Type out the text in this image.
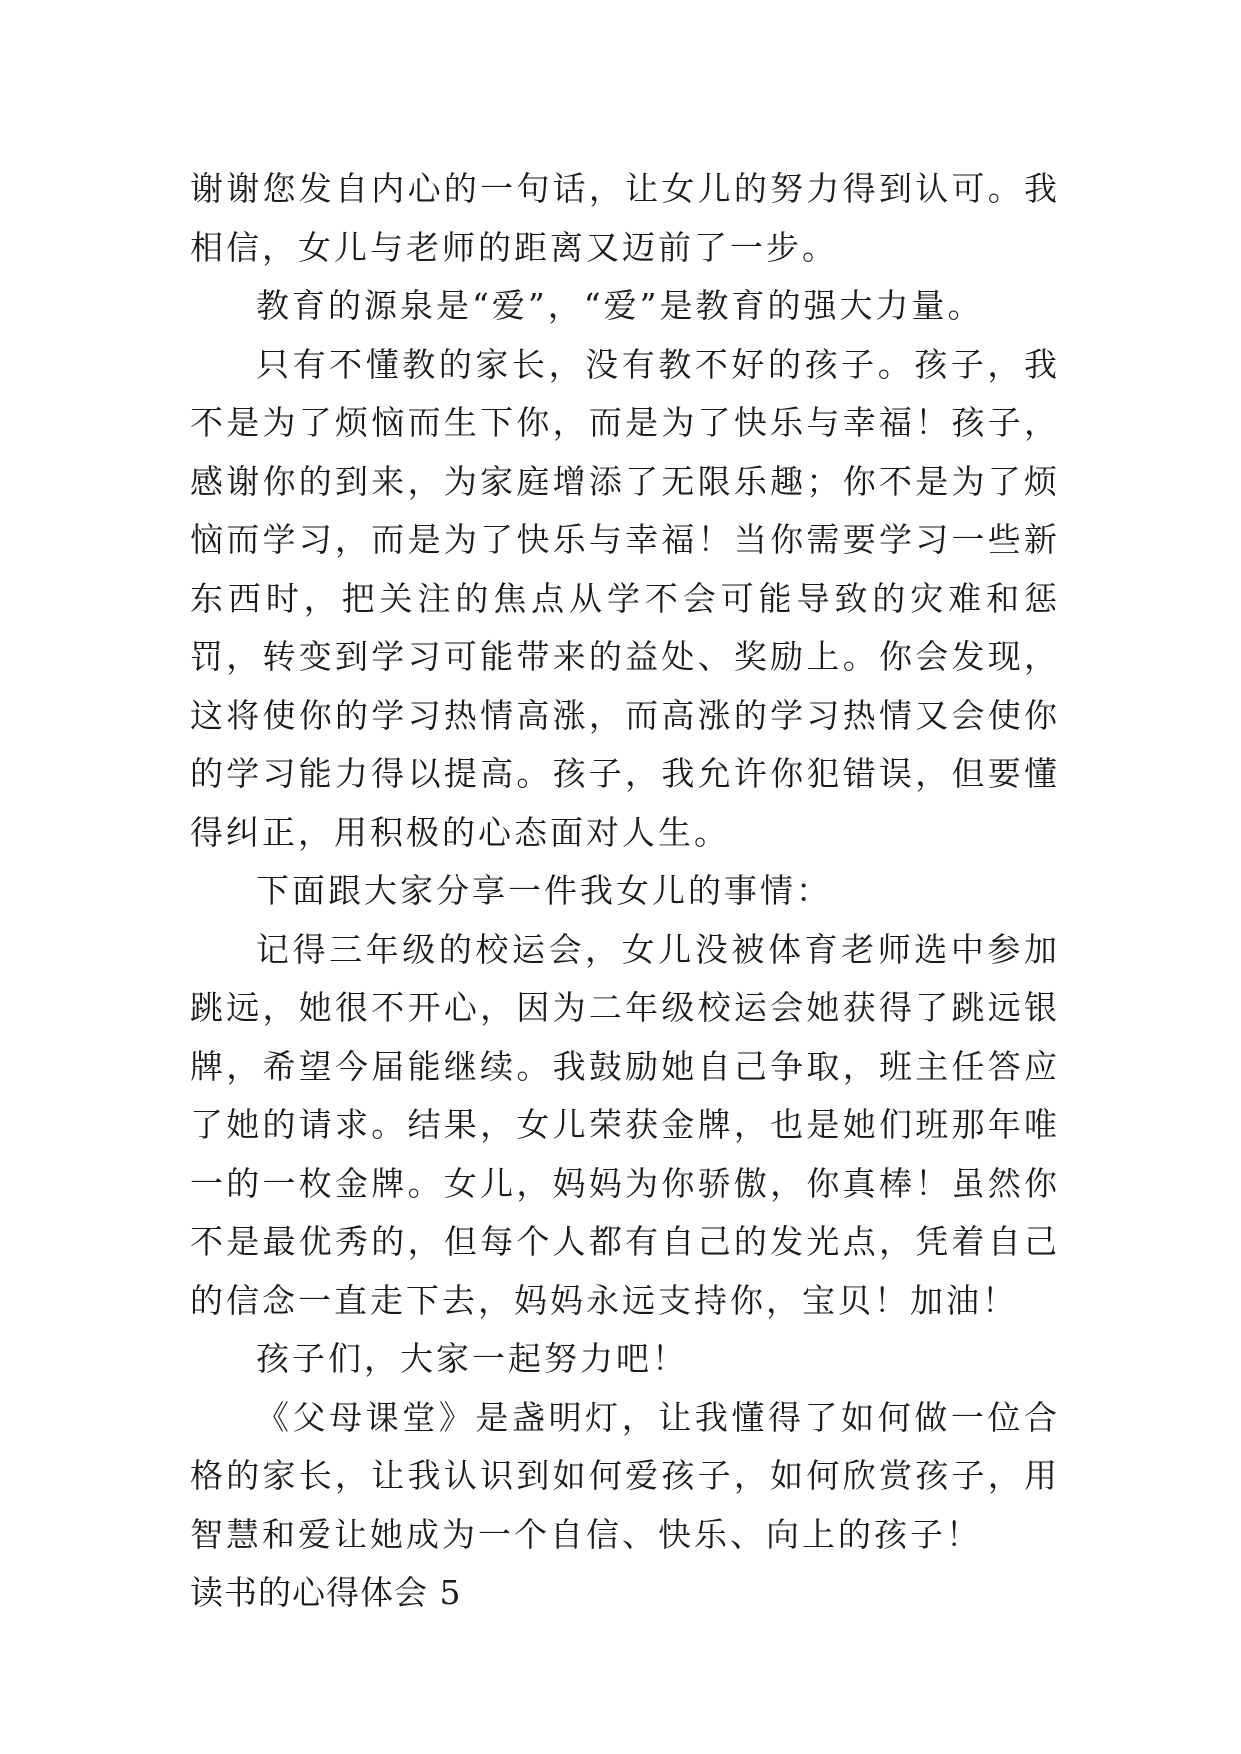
谢谢您发自内心的一句话，让女儿的努力得到认可。我相信，女儿与老师的距离又迈前了一步。

教育的源泉是“爱”，“爱”是教育的强大力量。

只有不懂教的家长，没有教不好的孩子。孩子，我不是为了烦恼而生下你，而是为了快乐与幸福！孩子，感谢你的到来，为家庭增添了无限乐趣；你不是为了烦恼而学习，而是为了快乐与幸福！当你需要学习一些新东西时，把关注的焦点从学不会可能导致的灾难和惩罚，转变到学习可能带来的益处、奖励上。你会发现，这将使你的学习热情高涨，而高涨的学习热情又会使你的学习能力得以提高。孩子，我允许你犯错误，但要懂得纠正，用积极的心态面对人生。

下面跟大家分享一件我女儿的事情：

记得三年级的校运会，女儿没被体育老师选中参加跳远，她很不开心，因为二年级校运会她获得了跳远银牌，希望今届能继续。我鼓励她自己争取，班主任答应了她的请求。结果，女儿荣获金牌，也是她们班那年唯一的一枚金牌。女儿，妈妈为你骄傲，你真棒！虽然你不是最优秀的，但每个人都有自己的发光点，凭着自己的信念一直走下去，妈妈永远支持你，宝贝！加油！

孩子们，大家一起努力吧！

《父母课堂》是盏明灯，让我懂得了如何做一位合格的家长，让我认识到如何爱孩子，如何欣赏孩子，用智慧和爱让她成为一个自信、快乐、向上的孩子！

读书的心得体会 5
